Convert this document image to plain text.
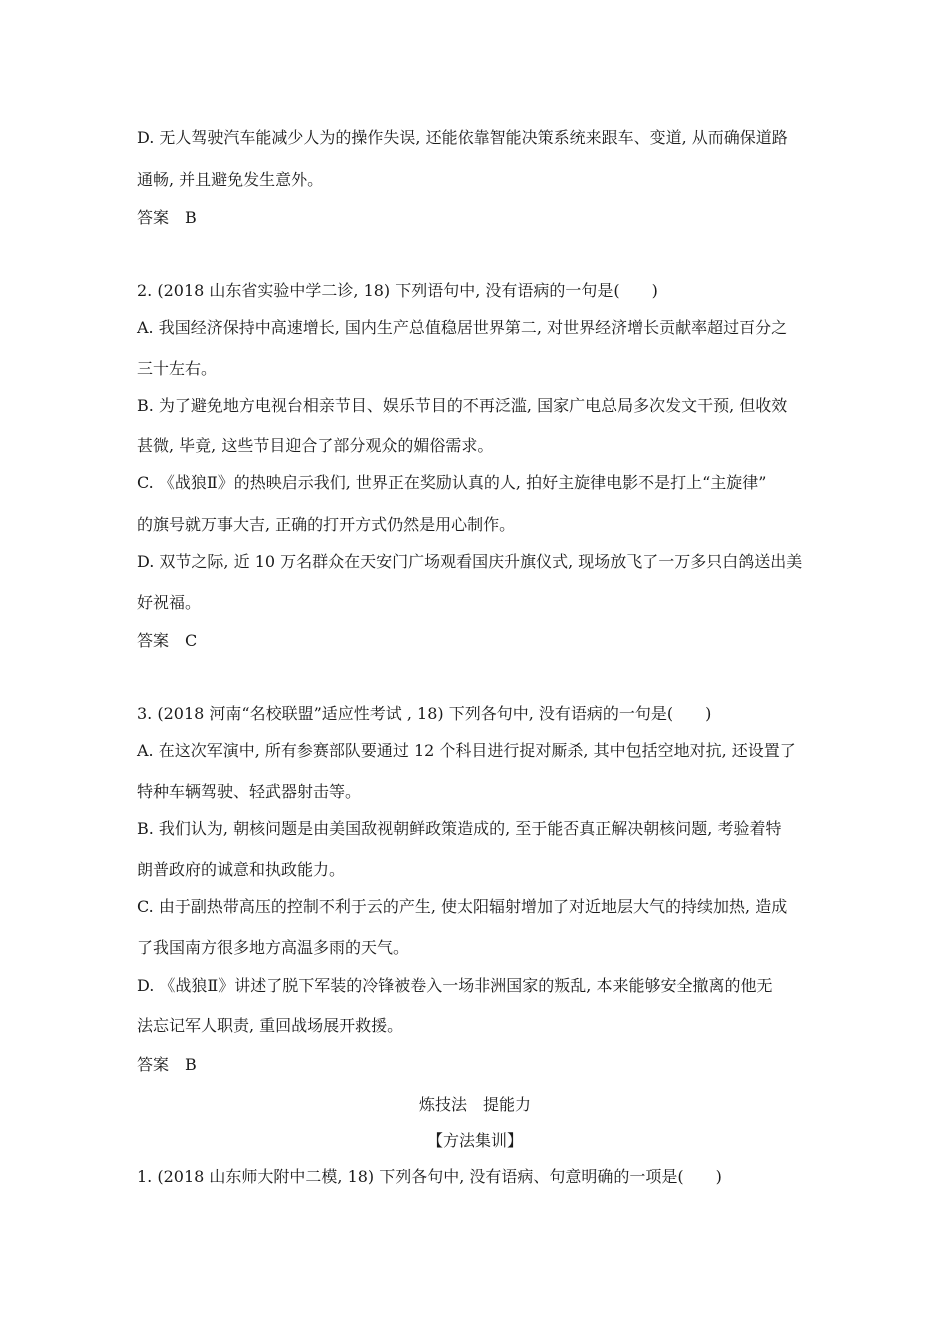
D. 无人驾驶汽车能减少人为的操作失误, 还能依靠智能决策系统来跟车、变道, 从而确保道路
通畅, 并且避免发生意外。
答案　B
2. (2018 山东省实验中学二诊, 18) 下列语句中, 没有语病的一句是(　　)
A. 我国经济保持中高速增长, 国内生产总值稳居世界第二, 对世界经济增长贡献率超过百分之
三十左右。
B. 为了避免地方电视台相亲节目、娱乐节目的不再泛滥, 国家广电总局多次发文干预, 但收效
甚微, 毕竟, 这些节目迎合了部分观众的媚俗需求。
C. 《战狼Ⅱ》的热映启示我们, 世界正在奖励认真的人, 拍好主旋律电影不是打上“主旋律”
的旗号就万事大吉, 正确的打开方式仍然是用心制作。
D. 双节之际, 近 10 万名群众在天安门广场观看国庆升旗仪式, 现场放飞了一万多只白鸽送出美
好祝福。
答案　C
3. (2018 河南“名校联盟”适应性考试 , 18) 下列各句中, 没有语病的一句是(　　)
A. 在这次军演中, 所有参赛部队要通过 12 个科目进行捉对厮杀, 其中包括空地对抗, 还设置了
特种车辆驾驶、轻武器射击等。
B. 我们认为, 朝核问题是由美国敌视朝鲜政策造成的, 至于能否真正解决朝核问题, 考验着特
朗普政府的诚意和执政能力。
C. 由于副热带高压的控制不利于云的产生, 使太阳辐射增加了对近地层大气的持续加热, 造成
了我国南方很多地方高温多雨的天气。
D. 《战狼Ⅱ》讲述了脱下军装的冷锋被卷入一场非洲国家的叛乱, 本来能够安全撤离的他无
法忘记军人职责, 重回战场展开救援。
答案　B
炼技法　提能力
【方法集训】
1. (2018 山东师大附中二模, 18) 下列各句中, 没有语病、句意明确的一项是(　　)
